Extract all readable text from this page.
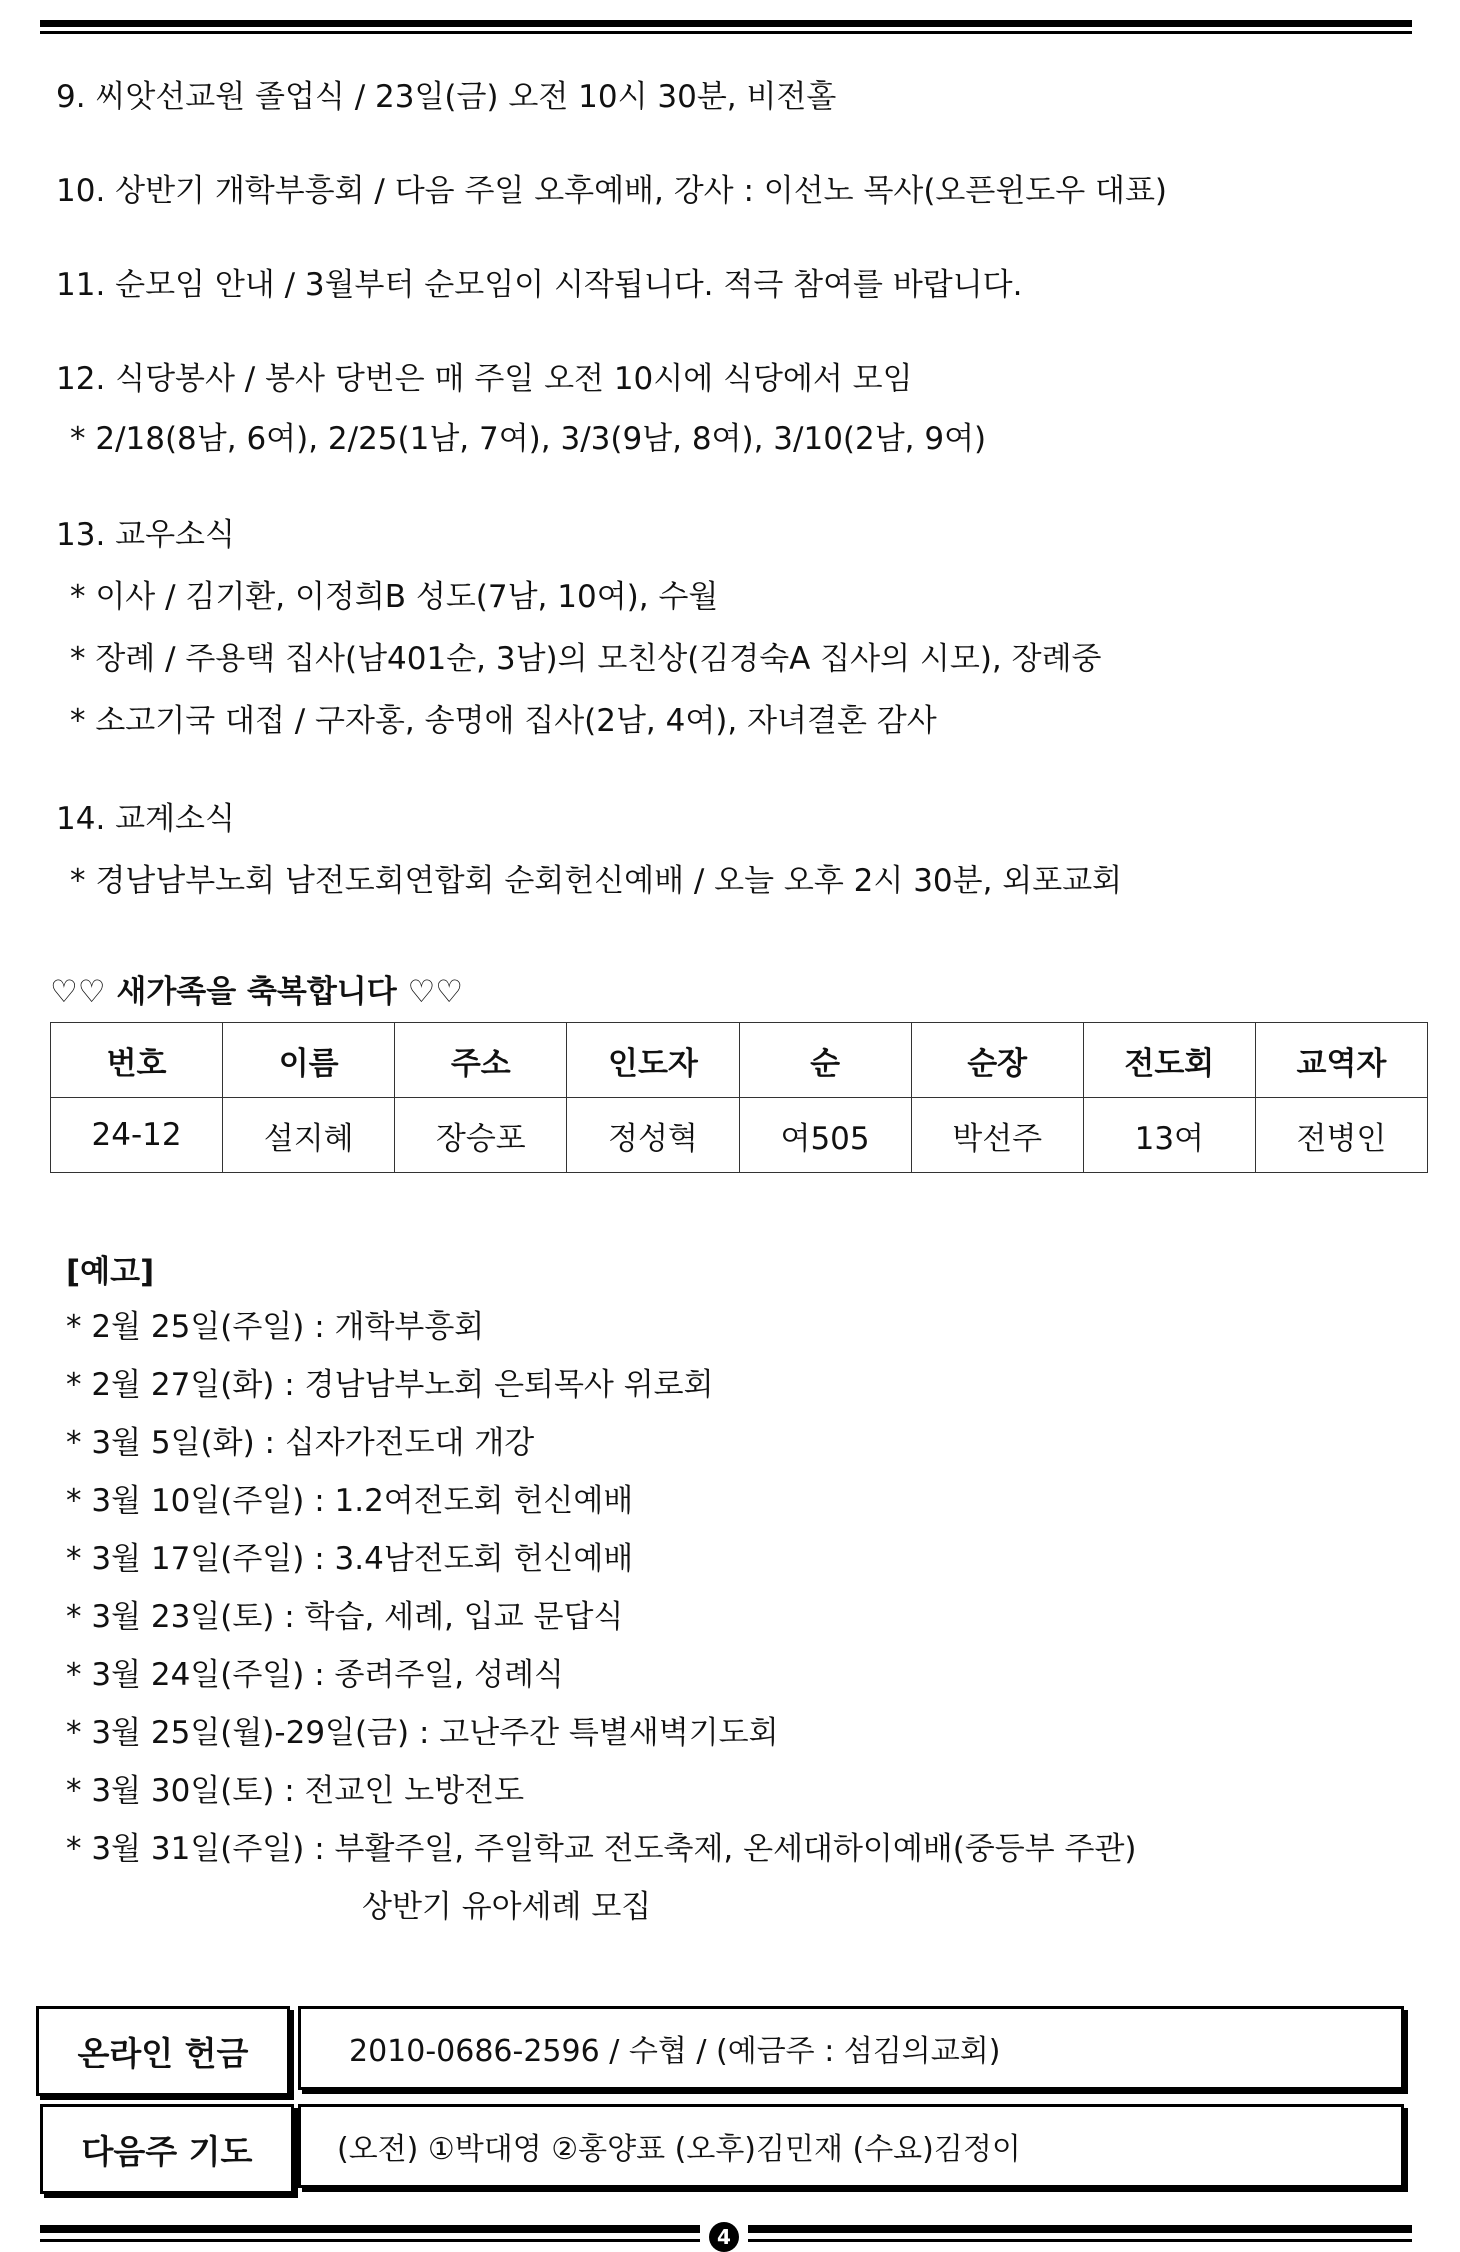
9. 씨앗선교원 졸업식 / 23일(금) 오전 10시 30분, 비전홀
10. 상반기 개학부흥회 / 다음 주일 오후예배, 강사 : 이선노 목사(오픈윈도우 대표)
11. 순모임 안내 / 3월부터 순모임이 시작됩니다. 적극 참여를 바랍니다.
12. 식당봉사 / 봉사 당번은 매 주일 오전 10시에 식당에서 모임
* 2/18(8남, 6여), 2/25(1남, 7여), 3/3(9남, 8여), 3/10(2남, 9여)
13. 교우소식
* 이사 / 김기환, 이정희B 성도(7남, 10여), 수월
* 장례 / 주용택 집사(남401순, 3남)의 모친상(김경숙A 집사의 시모), 장례중
* 소고기국 대접 / 구자홍, 송명애 집사(2남, 4여), 자녀결혼 감사
14. 교계소식
* 경남남부노회 남전도회연합회 순회헌신예배 / 오늘 오후 2시 30분, 외포교회
♡♡ 새가족을 축복합니다 ♡♡
번호	이름	주소	인도자	순	순장	전도회	교역자
24-12	설지혜	장승포	정성혁	여505	박선주	13여	전병인
[예고]
* 2월 25일(주일) : 개학부흥회
* 2월 27일(화) : 경남남부노회 은퇴목사 위로회
* 3월 5일(화) : 십자가전도대 개강
* 3월 10일(주일) : 1.2여전도회 헌신예배
* 3월 17일(주일) : 3.4남전도회 헌신예배
* 3월 23일(토) : 학습, 세례, 입교 문답식
* 3월 24일(주일) : 종려주일, 성례식
* 3월 25일(월)-29일(금) : 고난주간 특별새벽기도회
* 3월 30일(토) : 전교인 노방전도
* 3월 31일(주일) : 부활주일, 주일학교 전도축제, 온세대하이예배(중등부 주관)
상반기 유아세례 모집
온라인 헌금	2010-0686-2596 / 수협 / (예금주 : 섬김의교회)
다음주 기도	(오전) ①박대영 ②홍양표 (오후)김민재 (수요)김정이
4
